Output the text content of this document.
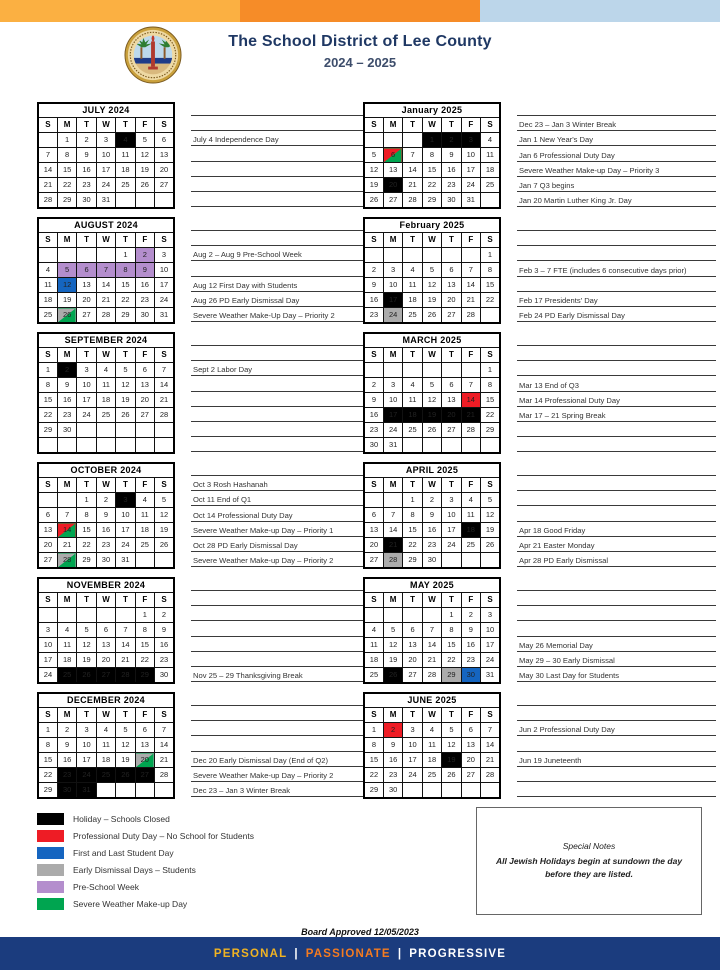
The School District of Lee County
2024 – 2025
JULY 2024						
S	M	T	W	T	F	S
	1	2	3	4	5	6
7	8	9	10	11	12	13
14	15	16	17	18	19	20
21	22	23	24	25	26	27
28	29	30	31			
July 4 Independence Day
AUGUST 2024						
S	M	T	W	T	F	S
				1	2	3
4	5	6	7	8	9	10
11	12	13	14	15	16	17
18	19	20	21	22	23	24
25	26	27	28	29	30	31
Aug 2 – Aug 9 Pre-School Week
Aug 12 First Day with Students
Aug 26 PD Early Dismissal Day
Severe Weather Make-Up Day – Priority 2
SEPTEMBER 2024						
S	M	T	W	T	F	S
1	2	3	4	5	6	7
8	9	10	11	12	13	14
15	16	17	18	19	20	21
22	23	24	25	26	27	28
29	30					

Sept 2 Labor Day
OCTOBER 2024						
S	M	T	W	T	F	S
		1	2	3	4	5
6	7	8	9	10	11	12
13	14	15	16	17	18	19
20	21	22	23	24	25	26
27	28	29	30	31		
Oct 3 Rosh Hashanah
Oct 11 End of Q1
Oct 14 Professional Duty Day
Severe Weather Make-up Day – Priority 1
Oct 28 PD Early Dismissal Day
Severe Weather Make-up Day – Priority 2
NOVEMBER 2024						
S	M	T	W	T	F	S
					1	2
3	4	5	6	7	8	9
10	11	12	13	14	15	16
17	18	19	20	21	22	23
24	25	26	27	28	29	30	Nov 25 – 29 Thanksgiving Break
DECEMBER 2024						
S	M	T	W	T	F	S
1	2	3	4	5	6	7
8	9	10	11	12	13	14
15	16	17	18	19	20	21
22	23	24	25	26	27	28
29	30	31				
Dec 20 Early Dismissal Day (End of Q2)
Severe Weather Make-up Day – Priority 2
Dec 23 – Jan 3 Winter Break
January 2025						
S	M	T	W	T	F	S
			1	2	3	4
5	6	7	8	9	10	11
12	13	14	15	16	17	18
19	20	21	22	23	24	25
26	27	28	29	30	31	
Dec 23 – Jan 3 Winter Break
Jan 1 New Year's Day
Jan 6 Professional Duty Day
Severe Weather Make-up Day – Priority 3
Jan 7 Q3 begins
Jan 20 Martin Luther King Jr. Day
February 2025						
S	M	T	W	T	F	S
						1
2	3	4	5	6	7	8
9	10	11	12	13	14	15
16	17	18	19	20	21	22
23	24	25	26	27	28	
Feb 3 – 7 FTE (includes 6 consecutive days prior)
Feb 17 Presidents' Day
Feb 24 PD Early Dismissal Day
MARCH 2025						
S	M	T	W	T	F	S
						1
2	3	4	5	6	7	8
9	10	11	12	13	14	15
16	17	18	19	20	21	22
23	24	25	26	27	28	29
30	31					
Mar 13 End of Q3
Mar 14 Professional Duty Day
Mar 17 – 21 Spring Break
APRIL 2025						
S	M	T	W	T	F	S
		1	2	3	4	5
6	7	8	9	10	11	12
13	14	15	16	17	18	19
20	21	22	23	24	25	26
27	28	29	30			
Apr 18 Good Friday
Apr 21 Easter Monday
Apr 28 PD Early Dismissal
MAY 2025						
S	M	T	W	T	F	S
				1	2	3
4	5	6	7	8	9	10
11	12	13	14	15	16	17
18	19	20	21	22	23	24
25	26	27	28	29	30	31
May 26 Memorial Day
May 29 – 30 Early Dismissal
May 30 Last Day for Students
JUNE 2025						
S	M	T	W	T	F	S
1	2	3	4	5	6	7
8	9	10	11	12	13	14
15	16	17	18	19	20	21
22	23	24	25	26	27	28
29	30					
Jun 2 Professional Duty Day
Jun 19 Juneteenth
Holiday – Schools Closed
Professional Duty Day – No School for Students
First and Last Student Day
Early Dismissal Days – Students
Pre-School Week
Severe Weather Make-up Day
Special Notes
All Jewish Holidays begin at sundown the day before they are listed.
Board Approved 12/05/2023
PERSONAL | PASSIONATE | PROGRESSIVE
